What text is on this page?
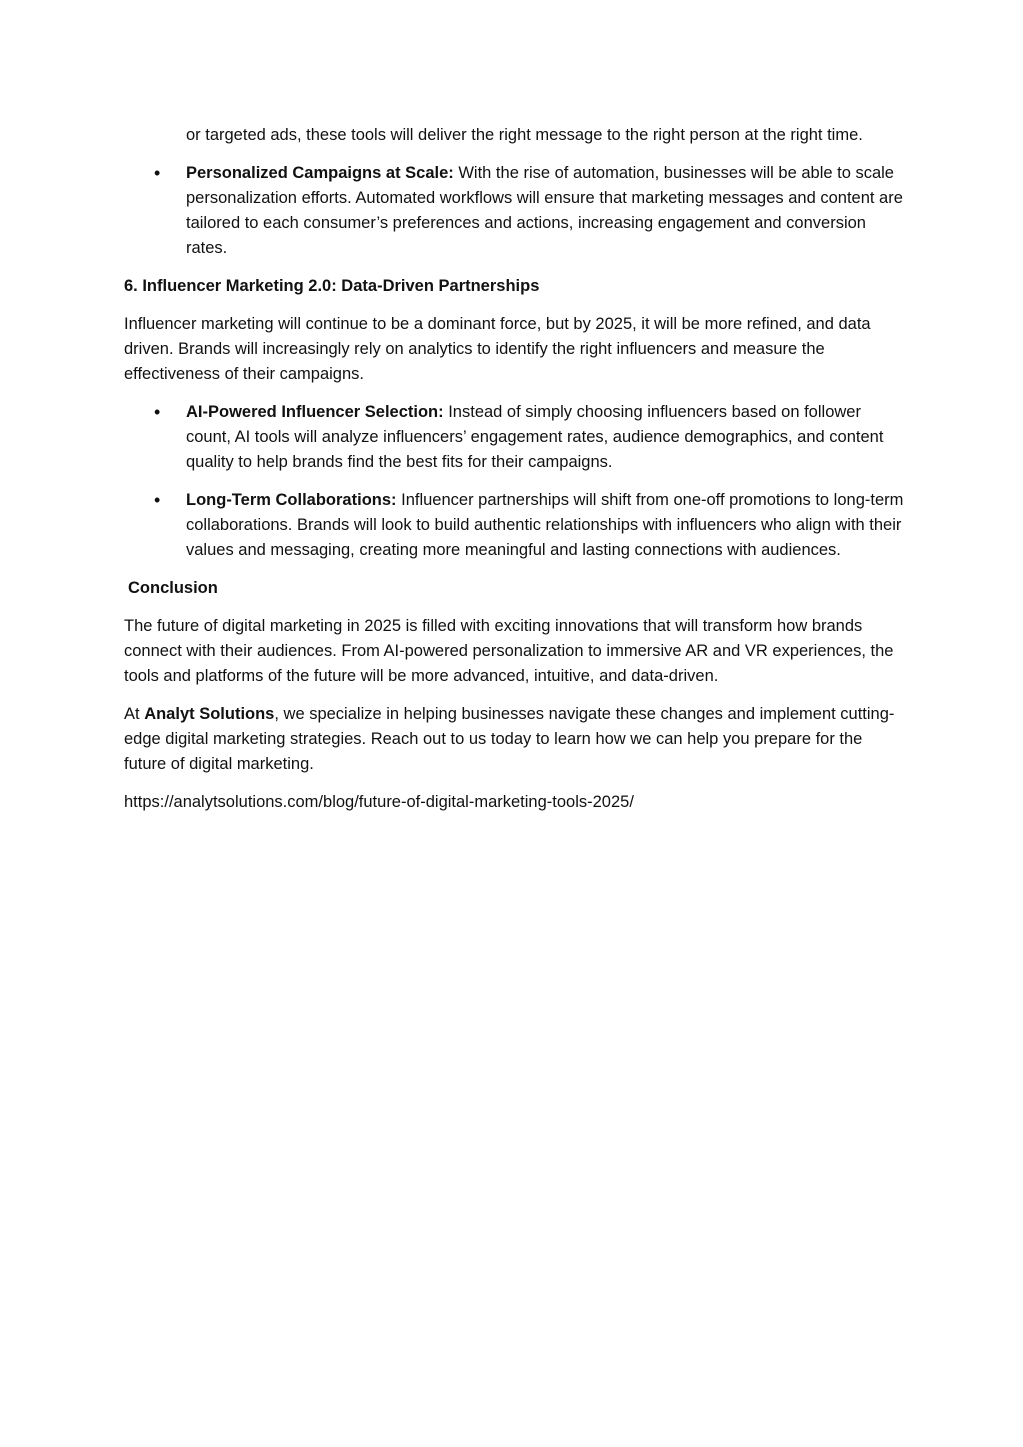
or targeted ads, these tools will deliver the right message to the right person at the right time.
• Personalized Campaigns at Scale: With the rise of automation, businesses will be able to scale personalization efforts. Automated workflows will ensure that marketing messages and content are tailored to each consumer’s preferences and actions, increasing engagement and conversion rates.

6. Influencer Marketing 2.0: Data-Driven Partnerships

Influencer marketing will continue to be a dominant force, but by 2025, it will be more refined, and data driven. Brands will increasingly rely on analytics to identify the right influencers and measure the effectiveness of their campaigns.

• AI-Powered Influencer Selection: Instead of simply choosing influencers based on follower count, AI tools will analyze influencers’ engagement rates, audience demographics, and content quality to help brands find the best fits for their campaigns.
• Long-Term Collaborations: Influencer partnerships will shift from one-off promotions to long-term collaborations. Brands will look to build authentic relationships with influencers who align with their values and messaging, creating more meaningful and lasting connections with audiences.

Conclusion

The future of digital marketing in 2025 is filled with exciting innovations that will transform how brands connect with their audiences. From AI-powered personalization to immersive AR and VR experiences, the tools and platforms of the future will be more advanced, intuitive, and data-driven.

At Analyt Solutions, we specialize in helping businesses navigate these changes and implement cutting-edge digital marketing strategies. Reach out to us today to learn how we can help you prepare for the future of digital marketing.

https://analytsolutions.com/blog/future-of-digital-marketing-tools-2025/
